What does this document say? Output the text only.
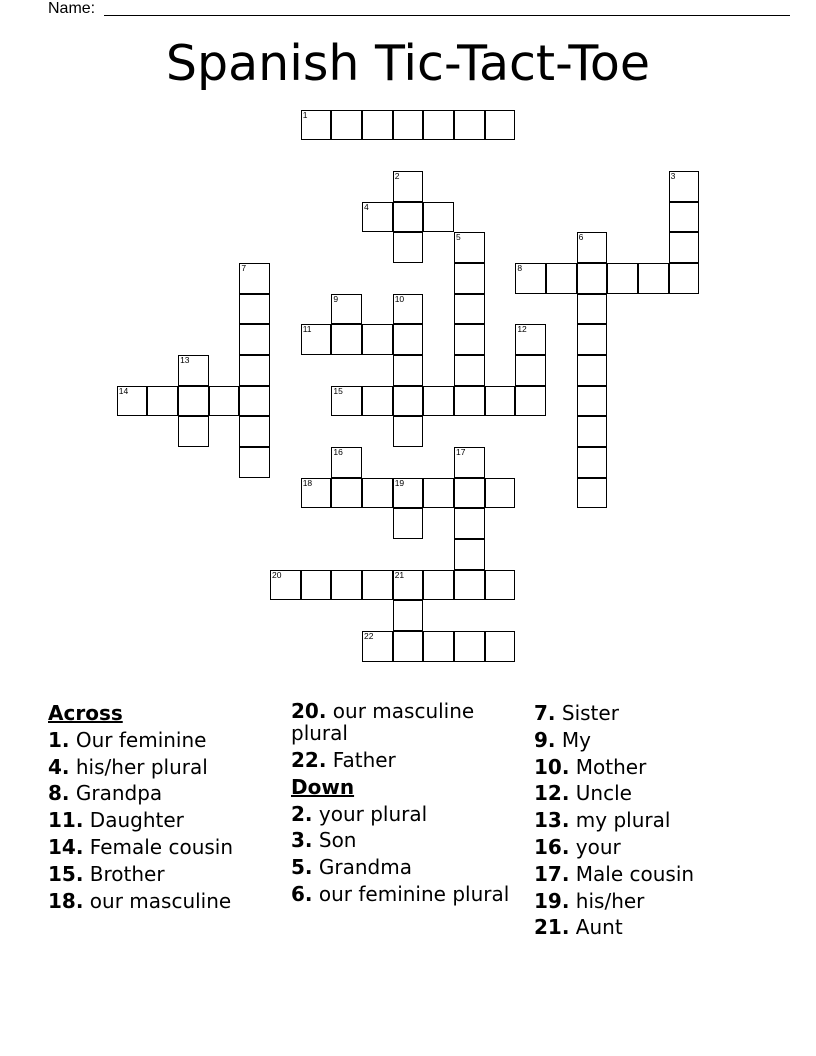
Name:
Spanish Tic-Tact-Toe
1
2	3
4
5	6
7	8
9	10
11	12
13
14	15
16	17
18	19
20	21
22
Across
1. Our feminine
4. his/her plural
8. Grandpa
11. Daughter
14. Female cousin
15. Brother
18. our masculine
20. our masculine plural
22. Father
Down
2. your plural
3. Son
5. Grandma
6. our feminine plural
7. Sister
9. My
10. Mother
12. Uncle
13. my plural
16. your
17. Male cousin
19. his/her
21. Aunt
